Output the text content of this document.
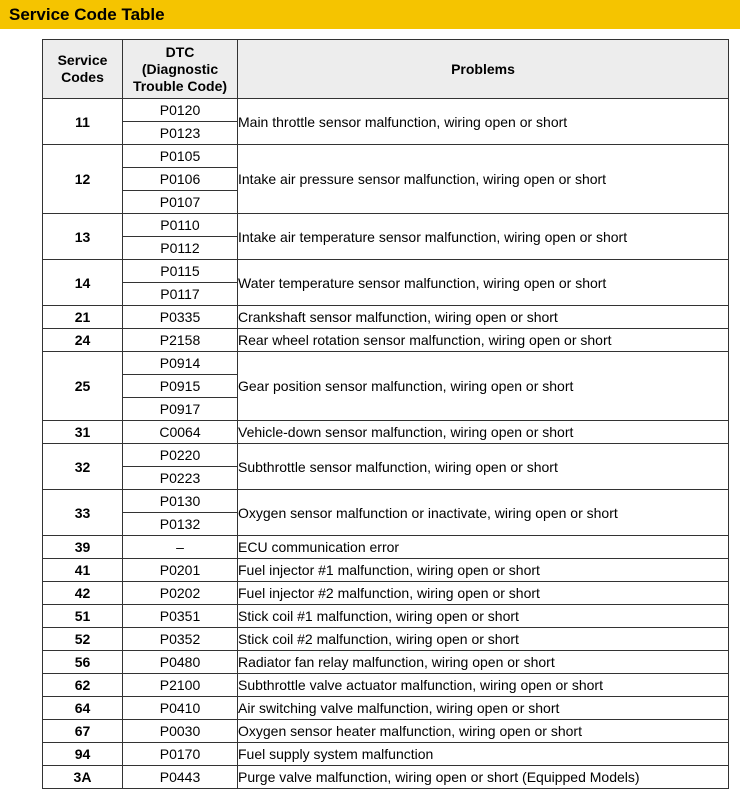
Service Code Table
Service
Codes	DTC
(Diagnostic
Trouble Code)	Problems
11	P0120	Main throttle sensor malfunction, wiring open or short
	P0123	
12	P0105	Intake air pressure sensor malfunction, wiring open or short
	P0106	
	P0107	
13	P0110	Intake air temperature sensor malfunction, wiring open or short
	P0112	
14	P0115	Water temperature sensor malfunction, wiring open or short
	P0117	
21	P0335	Crankshaft sensor malfunction, wiring open or short
24	P2158	Rear wheel rotation sensor malfunction, wiring open or short
25	P0914	Gear position sensor malfunction, wiring open or short
	P0915	
	P0917	
31	C0064	Vehicle-down sensor malfunction, wiring open or short
32	P0220	Subthrottle sensor malfunction, wiring open or short
	P0223	
33	P0130	Oxygen sensor malfunction or inactivate, wiring open or short
	P0132	
39	–	ECU communication error
41	P0201	Fuel injector #1 malfunction, wiring open or short
42	P0202	Fuel injector #2 malfunction, wiring open or short
51	P0351	Stick coil #1 malfunction, wiring open or short
52	P0352	Stick coil #2 malfunction, wiring open or short
56	P0480	Radiator fan relay malfunction, wiring open or short
62	P2100	Subthrottle valve actuator malfunction, wiring open or short
64	P0410	Air switching valve malfunction, wiring open or short
67	P0030	Oxygen sensor heater malfunction, wiring open or short
94	P0170	Fuel supply system malfunction
3A	P0443	Purge valve malfunction, wiring open or short (Equipped Models)
